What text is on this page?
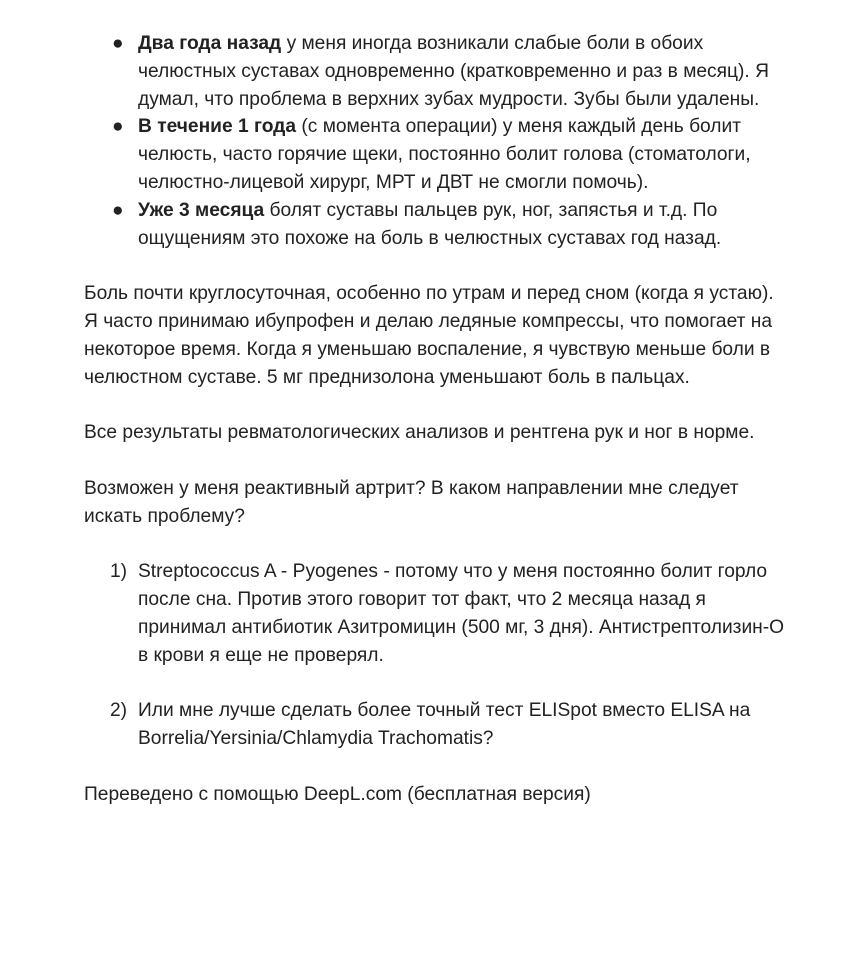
● Два года назад у меня иногда возникали слабые боли в обоих челюстных суставах одновременно (кратковременно и раз в месяц). Я думал, что проблема в верхних зубах мудрости. Зубы были удалены.
● В течение 1 года (с момента операции) у меня каждый день болит челюсть, часто горячие щеки, постоянно болит голова (стоматологи, челюстно-лицевой хирург, МРТ и ДВТ не смогли помочь).
● Уже 3 месяца болят суставы пальцев рук, ног, запястья и т.д. По ощущениям это похоже на боль в челюстных суставах год назад.

Боль почти круглосуточная, особенно по утрам и перед сном (когда я устаю). Я часто принимаю ибупрофен и делаю ледяные компрессы, что помогает на некоторое время. Когда я уменьшаю воспаление, я чувствую меньше боли в челюстном суставе. 5 мг преднизолона уменьшают боль в пальцах.

Все результаты ревматологических анализов и рентгена рук и ног в норме.

Возможен у меня реактивный артрит? В каком направлении мне следует искать проблему?

1) Streptococcus A - Pyogenes - потому что у меня постоянно болит горло после сна. Против этого говорит тот факт, что 2 месяца назад я принимал антибиотик Азитромицин (500 мг, 3 дня). Антистрептолизин-О в крови я еще не проверял.
2) Или мне лучше сделать более точный тест ELISpot вместо ELISA на Borrelia/Yersinia/Chlamydia Trachomatis?

Переведено с помощью DeepL.com (бесплатная версия)
